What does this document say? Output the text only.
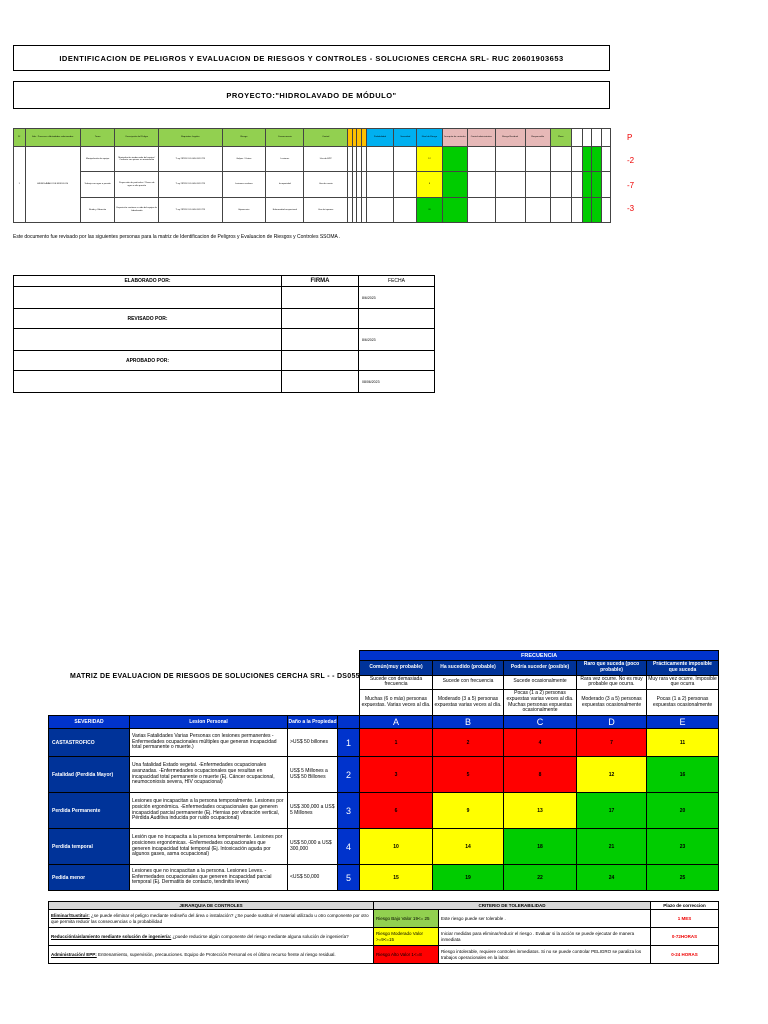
IDENTIFICACION DE PELIGROS Y EVALUACION DE RIESGOS Y CONTROLES - SOLUCIONES CERCHA SRL- RUC 20601903653
PROYECTO:"HIDROLAVADO DE MÓDULO"
N°	Sub - Procesos o Actividades relacionadas	Tarea	Descripción del Peligro	Requisitos Legales	Riesgo	Consecuencia	Control					Probabilidad	Severidad	Nivel de Riesgo	Jerarquía de controles	Control administrativo	Riesgo Residual	Responsable	Plazo				
1	HIDROLAVADO DE MODULOS	Manipulación de equipo	Manipulación inadecuada del equipo / Contacto con piezas en movimiento	*Ley 29783 / DS 005-2012-TR	Golpes / Cortes	Lesiones	Uso de EPP							12									
		Trabajo con agua a presión	Proyección de partículas / Chorro de agua a alta presión	*Ley 29783 / DS 005-2012-TR	Lesiones oculares	Incapacidad	Uso de careta							8									
		Ruido y Vibración	Exposición continua a ruido del equipo de hidrolavado	*Ley 29783 / DS 005-2012-TR	Hipoacusia	Enfermedad ocupacional	Uso de tapones							20									
P
-2
-7
-3
Este documento fue revisado por las siguientes personas para la matriz de Identificacion de Peligros y Evaluacion de Riesgos y Controles SSOMA .
ELABORADO POR:	FIRMA	FECHA
		8/6/2023
REVISADO POR:		
		8/6/2023
APROBADO POR:		
		08/06/2023
MATRIZ DE EVALUACION DE RIESGOS DE SOLUCIONES CERCHA SRL - - DS055
				FRECUENCIA				
				Común(muy probable)	Ha sucedido (probable)	Podría suceder (posible)	Raro que suceda (poco probable)	Prácticamente imposible que suceda
				Sucede con demasiada frecuencia	Sucede con frecuencia	Sucede ocasionalmente	Rara vez ocurre. No es muy probable que ocurra.	Muy rara vez ocurre. Imposible que ocurra
				Muchas (6 o más) personas expuestas. Varias veces al día.	Moderado (3 a 5) personas expuestas varias veces al día.	Pocas (1 a 2) personas expuestas varias veces al día. Muchas personas expuestas ocasionalmente	Moderado (3 a 5) personas expuestas ocasionalmente	Pocas (1 a 2) personas expuestas ocasionalmente
SEVERIDAD	Lesion Personal	Daño a la Propiedad		A	B	C	D	E
CASTASTROFICO	Varias Fatalidades Varias Personas con lesiones permanentes -Enfermedades ocupacionales múltiples que generan incapacidad total permanente o muerte.)	>US$ 50 billones	1	1	2	4	7	11
Fatalidad (Perdida Mayor)	Una fatalidad Estado vegetal. -Enfermedades ocupacionales avanzadas. -Enfermedades ocupacionales que resultan en incapacidad total permanente o muerte (Ej. Cáncer ocupacional, neumoconiosis severa, HIV ocupacional)	US$ 5 Millones a US$ 50 Billones	2	3	5	8	12	16
Perdida Permanente	Lesiones que incapacitan a la persona temporalmente. Lesiones por posición ergonómica. -Enfermedades ocupacionales que generen incapacidad parcial permanente (Ej. Hernias por vibración vertical, Pérdida Auditiva inducida por ruido ocupacional)	US$ 300,000 a US$ 5 Millones	3	6	9	13	17	20
Perdida temporal	Lesión que no incapacita a la persona temporalmente. Lesiones por posiciones ergonómicas. -Enfermedades ocupacionales que generen incapacidad total temporal (Ej. Intoxicación aguda por algunos gases, asma ocupacional)	US$ 50,000 a US$ 300,000	4	10	14	18	21	23
Pedida menor	Lesiones que no incapacitan a la persona. Lesiones Leves. -Enfermedades ocupacionales que generen incapacidad parcial temporal (Ej. Dermatitis de contacto, tendinitis leves)	<US$ 50,000	5	15	19	22	24	25
JERARQUIA DE CONTROLES	CRITERIO DE TOLERABILIDAD		Plazo de correccion
Eliminar/Sustituir: ¿se puede eliminar el peligro mediante rediseño del área o instalación? ¿Se puede sustituir el material utilizado u otro componente por otro que permita reducir las consecuencias o la probabilidad	Riesgo Bajo Valor 19<= 25	Este riesgo puede ser tolerable .	1 MES
Reducción/aislamiento mediante solución de ingeniería: ¿puede reducirse algún componente del riesgo mediante alguna solución de ingeniería?	Riesgo Moderado Valor >=9<=15	Iniciar medidas para eliminar/reducir el riesgo . Evaluar si la acción se puede ejecutar de manera inmediata	0-72HORAS
Administración/ EPP: Entrenamiento, supervisión, precauciones. Equipo de Protección Personal es el último recurso frente al riesgo residual.	Riesgo Alto Valor 1<=8	Riesgo intolerable, requiere controles inmediatos. Si no se puede controlar PELIGRO se paraliza los trabajos operacionales en la labor.	0-24 HORAS
